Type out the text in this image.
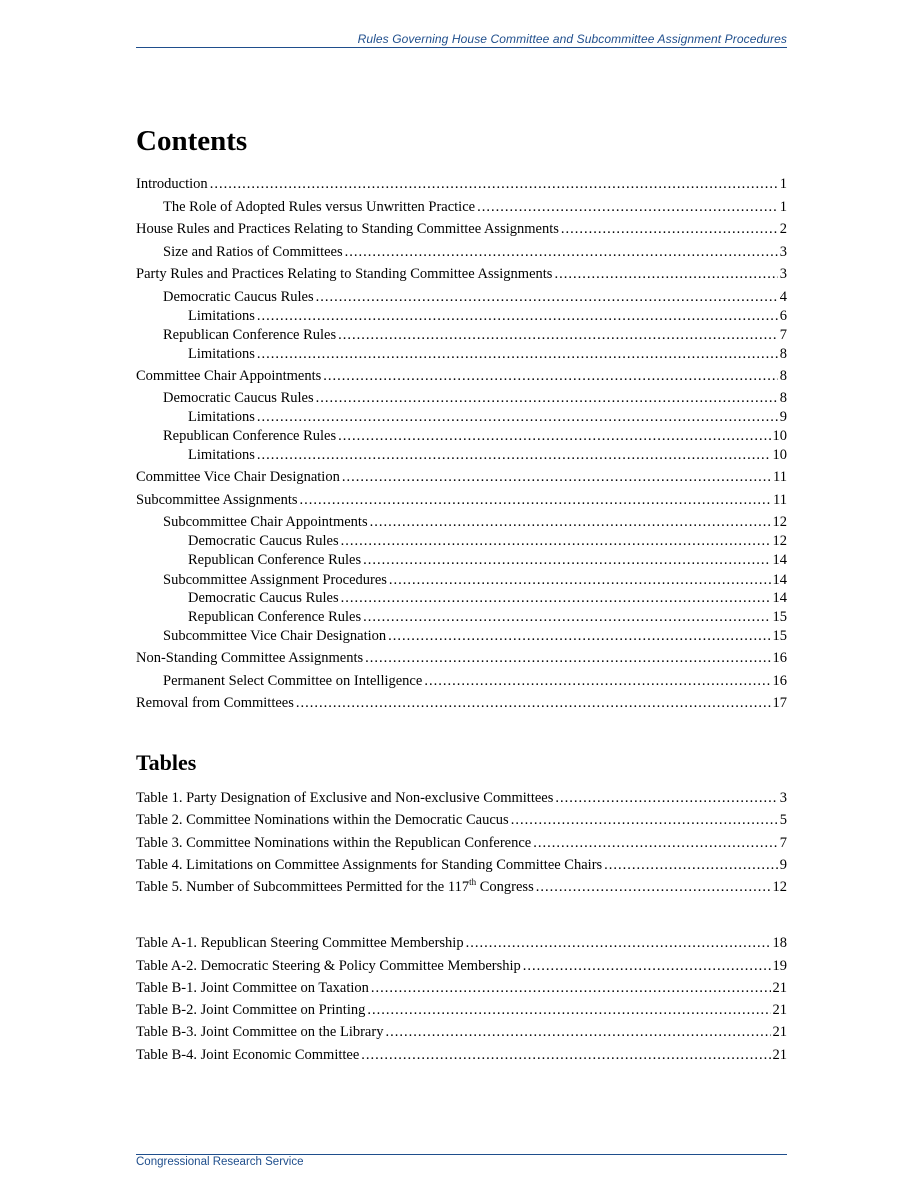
Rules Governing House Committee and Subcommittee Assignment Procedures
Contents
Introduction .....	1
The Role of Adopted Rules versus Unwritten Practice .....	1
House Rules and Practices Relating to Standing Committee Assignments .....	2
Size and Ratios of Committees .....	3
Party Rules and Practices Relating to Standing Committee Assignments .....	3
Democratic Caucus Rules .....	4
Limitations .....	6
Republican Conference Rules .....	7
Limitations .....	8
Committee Chair Appointments .....	8
Democratic Caucus Rules .....	8
Limitations .....	9
Republican Conference Rules .....	10
Limitations .....	10
Committee Vice Chair Designation .....	11
Subcommittee Assignments .....	11
Subcommittee Chair Appointments .....	12
Democratic Caucus Rules .....	12
Republican Conference Rules .....	14
Subcommittee Assignment Procedures .....	14
Democratic Caucus Rules .....	14
Republican Conference Rules .....	15
Subcommittee Vice Chair Designation .....	15
Non-Standing Committee Assignments .....	16
Permanent Select Committee on Intelligence .....	16
Removal from Committees .....	17
Tables
Table 1. Party Designation of Exclusive and Non-exclusive Committees .....	3
Table 2. Committee Nominations within the Democratic Caucus .....	5
Table 3. Committee Nominations within the Republican Conference .....	7
Table 4. Limitations on Committee Assignments for Standing Committee Chairs .....	9
Table 5. Number of Subcommittees Permitted for the 117th Congress .....	12
Table A-1. Republican Steering Committee Membership .....	18
Table A-2. Democratic Steering & Policy Committee Membership .....	19
Table B-1. Joint Committee on Taxation .....	21
Table B-2. Joint Committee on Printing .....	21
Table B-3. Joint Committee on the Library .....	21
Table B-4. Joint Economic Committee .....	21
Congressional Research Service
